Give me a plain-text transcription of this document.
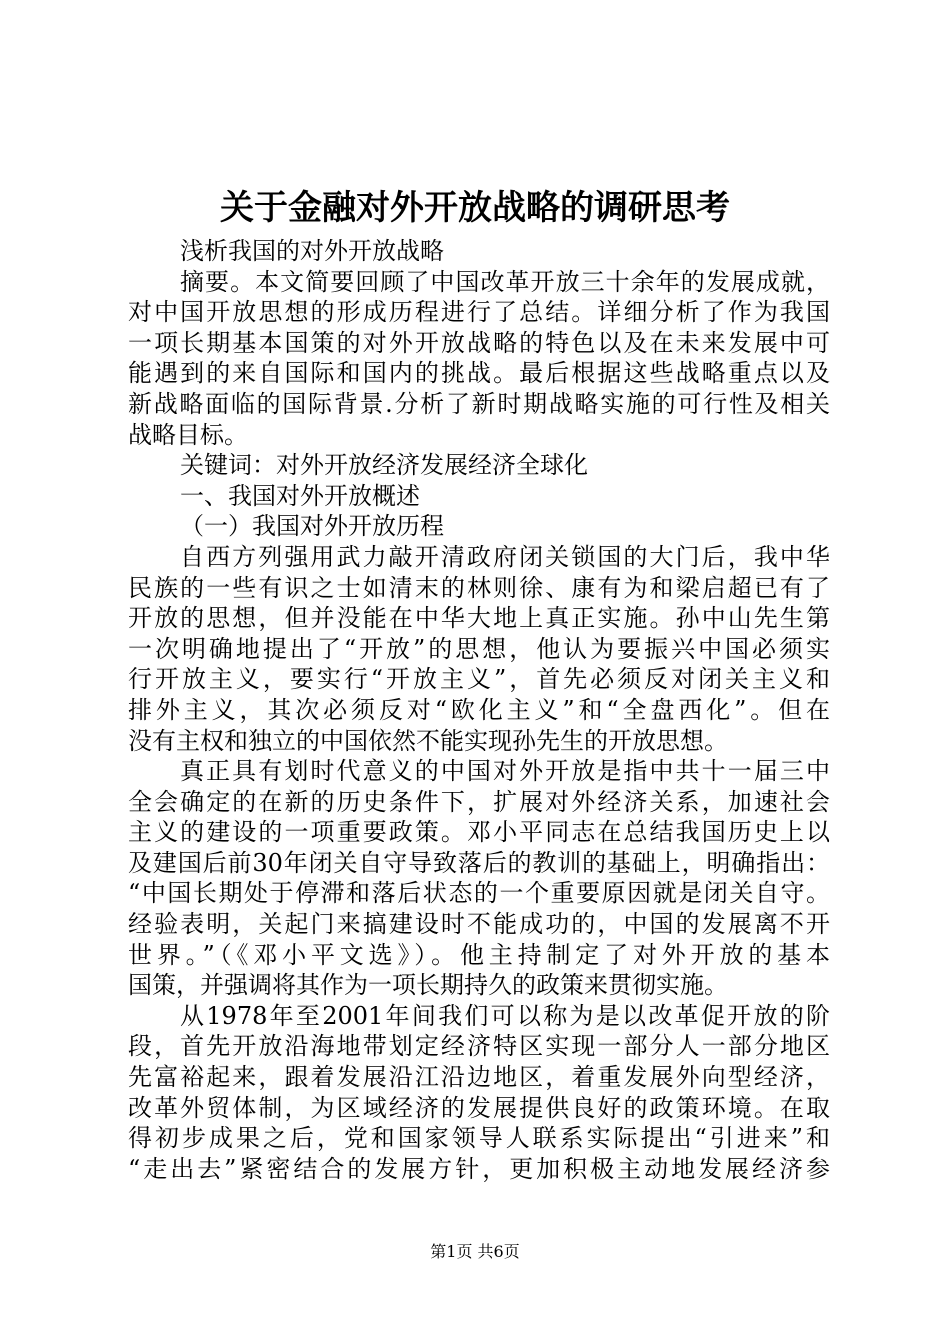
关于金融对外开放战略的调研思考
浅析我国的对外开放战略
摘要。本文简要回顾了中国改革开放三十余年的发展成就，
对中国开放思想的形成历程进行了总结。详细分析了作为我国
一项长期基本国策的对外开放战略的特色以及在未来发展中可
能遇到的来自国际和国内的挑战。最后根据这些战略重点以及
新战略面临的国际背景.分析了新时期战略实施的可行性及相关
战略目标。
关键词：对外开放经济发展经济全球化
一、我国对外开放概述
（一）我国对外开放历程
自西方列强用武力敲开清政府闭关锁国的大门后，我中华
民族的一些有识之士如清末的林则徐、康有为和梁启超已有了
开放的思想，但并没能在中华大地上真正实施。孙中山先生第
一次明确地提出了“开放”的思想，他认为要振兴中国必须实
行开放主义，要实行“开放主义”，首先必须反对闭关主义和
排外主义，其次必须反对“欧化主义”和“全盘西化”。但在
没有主权和独立的中国依然不能实现孙先生的开放思想。
真正具有划时代意义的中国对外开放是指中共十一届三中
全会确定的在新的历史条件下，扩展对外经济关系，加速社会
主义的建设的一项重要政策。邓小平同志在总结我国历史上以
及建国后前30年闭关自守导致落后的教训的基础上，明确指出：
“中国长期处于停滞和落后状态的一个重要原因就是闭关自守。
经验表明，关起门来搞建设时不能成功的，中国的发展离不开
世界。”（《邓小平文选》）。他主持制定了对外开放的基本
国策，并强调将其作为一项长期持久的政策来贯彻实施。
从1978年至2001年间我们可以称为是以改革促开放的阶
段，首先开放沿海地带划定经济特区实现一部分人一部分地区
先富裕起来，跟着发展沿江沿边地区，着重发展外向型经济，
改革外贸体制，为区域经济的发展提供良好的政策环境。在取
得初步成果之后，党和国家领导人联系实际提出“引进来”和
“走出去”紧密结合的发展方针，更加积极主动地发展经济参
第1页 共6页
